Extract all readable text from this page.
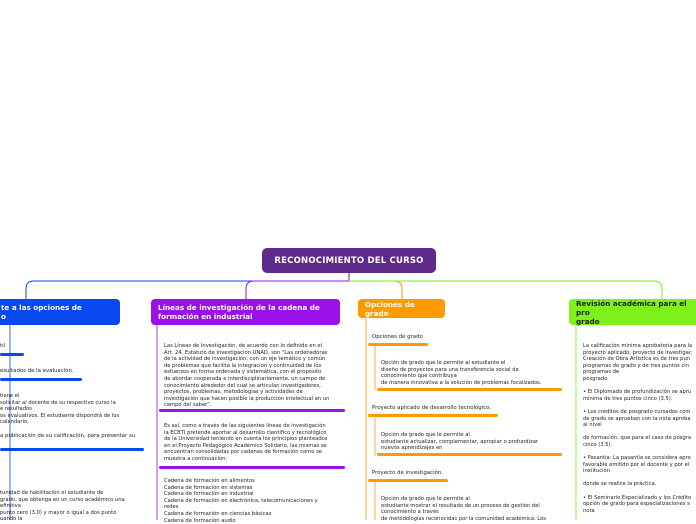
RECONOCIMIENTO DEL CURSO
te a las opciones de
o
til
esultados de la evaluación.
tiene el
solicitar al docente de su respectivo curso la
e resultados
os evaluativos. El estudiante dispondrá de los
calendario,
a publicación de su calificación, para presentar su
tunidad de habilitación el estudiante de
grado, que obtenga en un curso académico una
efinitiva
punto cero (3.0) y mayor o igual a dos punto
uando la
Líneas de investigación de la cadena de
formación en industrial
Las Líneas de Investigación, de acuerdo con lo definido en el
Art. 24. Estatuto de Investigación UNAD, son "Las ordenadoras
de la actividad de investigación, con un eje temático y común
de problemas que facilita la integración y continuidad de los
esfuerzos en forma ordenada y sistemática, con el propósito
de abordar cooperada e interdisciplinariamente, un campo de
conocimiento alrededor del cual se articulan investigadores,
proyectos, problemas, metodologías y actividades de
investigación que hacen posible la producción intelectual en un
campo del saber".
Es así, como a través de las siguientes líneas de investigación
la ECBTI pretende aportar al desarrollo científico y tecnológico
de la Universidad teniendo en cuenta los principios planteados
en el Proyecto Pedagógico Académico Solidario, las mismas se
encuentran consolidadas por cadenas de formación como se
muestra a continuación:
Cadena de formación en alimentos
Cadena de formación en sistemas
Cadena de formación en industrial
Cadena de formación en electrónica, telecomunicaciones y
redes
Cadena de formación en ciencias básicas
Cadena de formación audio
Opciones de grado
Opciones de grado
Opción de grado que le permite al estudiante el
diseño de proyectos para una transferencia social de
conocimiento que contribuya
de manera innovativa a la solución de problemas focalizados.
Proyecto aplicado de desarrollo tecnológico.
Opción de grado que le permite al
estudiante actualizar, complementar, apropiar o profundizar
nuevos aprendizajes en
Proyecto de investigación.
Opción de grado que le permite al
estudiante mostrar el resultado de un proceso de gestión del
conocimiento a través
de metodologías reconocidas por la comunidad académica. Los
Revisión académica para el pro
grado
La calificación mínima aprobatoria para la
proyecto aplicado, proyecto de investigac
Creación de Obra Artística es de tres pun
programas de grado y de tres puntos cin
programas de
posgrado.

• El Diplomado de profundización se apru
mínima de tres puntos cinco (3.5).

• Los créditos de posgrado cursados com
de grado se aprueban con la nota aproba
al nivel

de formación, que para el caso de posgra
cinco (3.5).

• Pasantía: La pasantía se considera apro
favorable emitido por el docente y por el
institución

donde se realice la práctica.

• El Seminario Especializado y los Crédito
opción de grado para especializaciones s
nota
